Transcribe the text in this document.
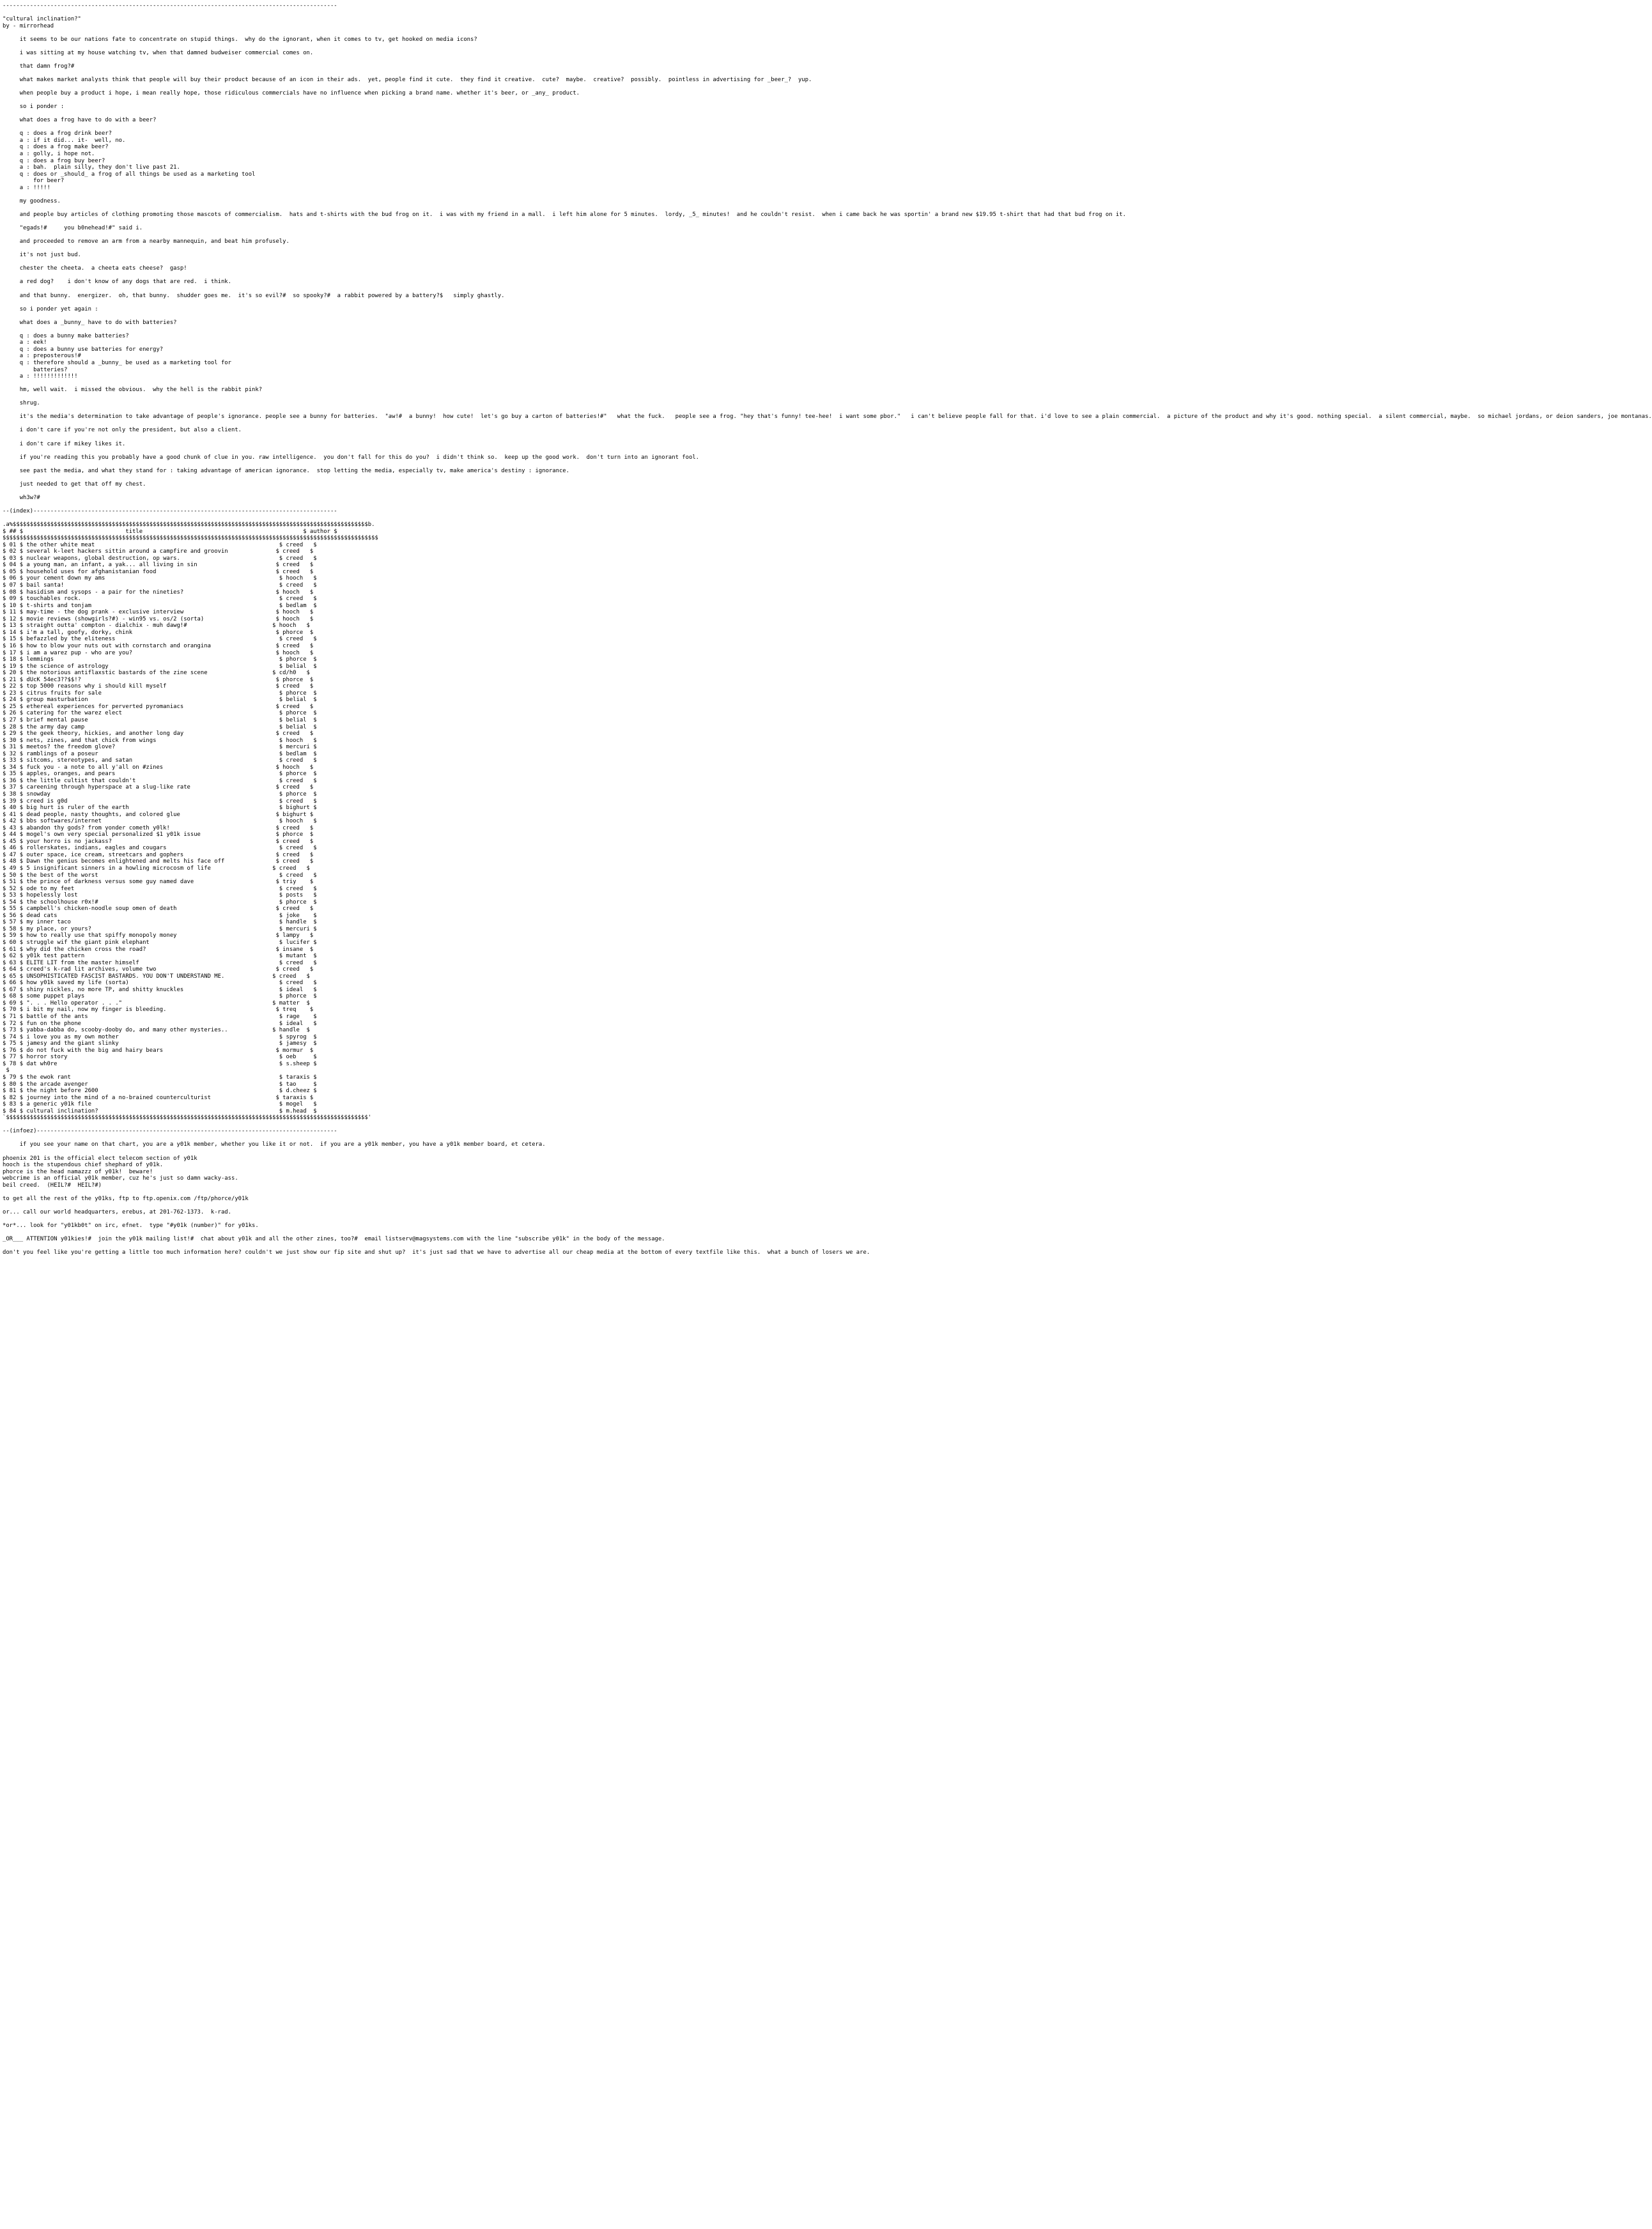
--------------------------------------------------------------------------------------------------

"cultural inclination?"
by - mirrorhead

it seems to be our nations fate to concentrate on stupid things.  why do the ignorant, when it comes to tv, get hooked on media icons?

i was sitting at my house watching tv, when that damned budweiser commercial comes on.

that damn frog?#

what makes market analysts think that people will buy their product because of an icon in their ads.  yet, people find it cute.  they find it creative.  cute?  maybe.  creative?  possibly.  pointless in advertising for _beer_?  yup.

when people buy a product i hope, i mean really hope, those ridiculous commercials have no influence when picking a brand name. whether it's beer, or _any_ product.

so i ponder :

what does a frog have to do with a beer?

q : does a frog drink beer?
a : if it did... it-  well, no.
q : does a frog make beer?
a : golly, i hope not.
q : does a frog buy beer?
a : bah.  plain silly, they don't live past 21.
q : does or _should_ a frog of all things be used as a marketing tool
for beer?
a : !!!!!

my goodness.

and people buy articles of clothing promoting those mascots of commercialism.  hats and t-shirts with the bud frog on it.  i was with my friend in a mall.  i left him alone for 5 minutes.  lordy, _5_ minutes!  and he couldn't resist.  when i came back he was sportin' a brand new $19.95 t-shirt that had that bud frog on it.

"egads!#     you b0nehead!#" said i.

and proceeded to remove an arm from a nearby mannequin, and beat him profusely.

it's not just bud.

chester the cheeta.  a cheeta eats cheese?  gasp!

a red dog?    i don't know of any dogs that are red.  i think.

and that bunny.  energizer.  oh, that bunny.  shudder goes me.  it's so evil?#  so spooky?#  a rabbit powered by a battery?$   simply ghastly.

so i ponder yet again :

what does a _bunny_ have to do with batteries?

q : does a bunny make batteries?
a : eek!
q : does a bunny use batteries for energy?
a : preposterous!#
q : therefore should a _bunny_ be used as a marketing tool for
batteries?
a : !!!!!!!!!!!!!

hm, well wait.  i missed the obvious.  why the hell is the rabbit pink?

shrug.

it's the media's determination to take advantage of people's ignorance. people see a bunny for batteries.  "aw!#  a bunny!  how cute!  let's go buy a carton of batteries!#"   what the fuck.   people see a frog. "hey that's funny! tee-hee!  i want some pbor."   i can't believe people fall for that. i'd love to see a plain commercial.  a picture of the product and why it's good. nothing special.  a silent commercial, maybe.  so michael jordans, or deion sanders, joe montanas.

i don't care if you're not only the president, but also a client.

i don't care if mikey likes it.

if you're reading this you probably have a good chunk of clue in you. raw intelligence.  you don't fall for this do you?  i didn't think so.  keep up the good work.  don't turn into an ignorant fool.

see past the media, and what they stand for : taking advantage of american ignorance.  stop letting the media, especially tv, make america's destiny : ignorance.

just needed to get that off my chest.

wh3w?#

--(index)-----------------------------------------------------------------------------------------

.a%$$$$$$$$$$$$$$$$$$$$$$$$$$$$$$$$$$$$$$$$$$$$$$$$$$$$$$$$$$$$$$$$$$$$$$$$$$$$$$$$$$$$$$$$$$$$$$$$$$$$$$$$b.
$ ## $                              title                                               $ author $
$$$$$$$$$$$$$$$$$$$$$$$$$$$$$$$$$$$$$$$$$$$$$$$$$$$$$$$$$$$$$$$$$$$$$$$$$$$$$$$$$$$$$$$$$$$$$$$$$$$$$$$$$$$$$$
$ 01 $ the other white meat                                                      $ creed   $
$ 02 $ several k-leet hackers sittin around a campfire and groovin              $ creed   $
$ 03 $ nuclear weapons, global destruction, op wars.                             $ creed   $
$ 04 $ a young man, an infant, a yak... all living in sin                       $ creed   $
$ 05 $ household uses for afghanistanian food                                   $ creed   $
$ 06 $ your cement down my ams                                                   $ hooch   $
$ 07 $ bail santa!                                                               $ creed   $
$ 08 $ hasidism and sysops - a pair for the nineties?                           $ hooch   $
$ 09 $ touchables rock.                                                          $ creed   $
$ 10 $ t-shirts and tonjam                                                       $ bedlam  $
$ 11 $ may-time - the dog prank - exclusive interview                           $ hooch   $
$ 12 $ movie reviews (showgirls?#) - win95 vs. os/2 (sorta)                     $ hooch   $
$ 13 $ straight outta' compton - dialchix - muh dawg!#                         $ hooch   $
$ 14 $ i'm a tall, goofy, dorky, chink                                          $ phorce  $
$ 15 $ befazzled by the eliteness                                                $ creed   $
$ 16 $ how to blow your nuts out with cornstarch and orangina                   $ creed   $
$ 17 $ i am a warez pup - who are you?                                          $ hooch   $
$ 18 $ lemmings                                                                  $ phorce  $
$ 19 $ the science of astrology                                                  $ belial  $
$ 20 $ the notorious antiflaxstic bastards of the zine scene                   $ cd/h0   $
$ 21 $ dUcK 54ec3??$$!?                                                         $ phorce  $
$ 22 $ top 5000 reasons why i should kill myself                                $ creed   $
$ 23 $ citrus fruits for sale                                                    $ phorce  $
$ 24 $ group masturbation                                                        $ belial  $
$ 25 $ ethereal experiences for perverted pyromaniacs                           $ creed   $
$ 26 $ catering for the warez elect                                              $ phorce  $
$ 27 $ brief mental pause                                                        $ belial  $
$ 28 $ the army day camp                                                         $ belial  $
$ 29 $ the geek theory, hickies, and another long day                           $ creed   $
$ 30 $ nets, zines, and that chick from wings                                    $ hooch   $
$ 31 $ meetos? the freedom glove?                                                $ mercuri $
$ 32 $ ramblings of a poseur                                                     $ bedlam  $
$ 33 $ sitcoms, stereotypes, and satan                                           $ creed   $
$ 34 $ fuck you - a note to all y'all on #zines                                 $ hooch   $
$ 35 $ apples, oranges, and pears                                                $ phorce  $
$ 36 $ the little cultist that couldn't                                          $ creed   $
$ 37 $ careening through hyperspace at a slug-like rate                         $ creed   $
$ 38 $ snowday                                                                   $ phorce  $
$ 39 $ creed is g0d                                                              $ creed   $
$ 40 $ big hurt is ruler of the earth                                            $ bighurt $
$ 41 $ dead people, nasty thoughts, and colored glue                            $ bighurt $
$ 42 $ bbs softwares/internet                                                    $ hooch   $
$ 43 $ abandon thy gods? from yonder cometh y0lk!                               $ creed   $
$ 44 $ mogel's own very special personalized $1 y01k issue                      $ phorce  $
$ 45 $ your horro is no jackass?                                                $ creed   $
$ 46 $ rollerskates, indians, eagles and cougars                                 $ creed   $
$ 47 $ outer space, ice cream, streetcars and gophers                           $ creed   $
$ 48 $ Dawn the genius becomes enlightened and melts his face off               $ creed   $
$ 49 $ 5 insignificant sinners in a howling microcosm of life                  $ creed   $
$ 50 $ the best of the worst                                                     $ creed   $
$ 51 $ the prince of darkness versus some guy named dave                        $ triy    $
$ 52 $ ode to my feet                                                            $ creed   $
$ 53 $ hopelessly lost                                                           $ posts   $
$ 54 $ the schoolhouse r0x!#                                                     $ phorce  $
$ 55 $ campbell's chicken-noodle soup omen of death                             $ creed   $
$ 56 $ dead cats                                                                 $ joke    $
$ 57 $ my inner taco                                                             $ handle  $
$ 58 $ my place, or yours?                                                       $ mercuri $
$ 59 $ how to really use that spiffy monopoly money                             $ lampy   $
$ 60 $ struggle wif the giant pink elephant                                      $ lucifer $
$ 61 $ why did the chicken cross the road?                                      $ insane  $
$ 62 $ y01k test pattern                                                         $ mutant  $
$ 63 $ ELITE LIT from the master himself                                         $ creed   $
$ 64 $ creed's k-rad lit archives, volume two                                   $ creed   $
$ 65 $ UNSOPHISTICATED FASCIST BASTARDS. YOU DON'T UNDERSTAND ME.              $ creed   $
$ 66 $ how y01k saved my life (sorta)                                            $ creed   $
$ 67 $ shiny nickles, no more TP, and shitty knuckles                            $ ideal   $
$ 68 $ some puppet plays                                                         $ phorce  $
$ 69 $ ". . . Hello operator . . ."                                            $ matter  $
$ 70 $ i bit my nail, now my finger is bleeding.                                $ treq    $
$ 71 $ battle of the ants                                                        $ rage    $
$ 72 $ fun on the phone                                                          $ ideal   $
$ 73 $ yabba-dabba do, scooby-dooby do, and many other mysteries..             $ handle  $
$ 74 $ i love you as my own mother                                               $ spyrog  $
$ 75 $ jamesy and the giant slinky                                               $ jamesy  $
$ 76 $ do not fuck with the big and hairy bears                                 $ mormur  $
$ 77 $ horror story                                                              $ oeb     $
$ 78 $ dat wh0re                                                                 $ s.sheep $
$
$ 79 $ the ewok rant                                                             $ taraxis $
$ 80 $ the arcade avenger                                                        $ tao     $
$ 81 $ the night before 2600                                                     $ d.cheez $
$ 82 $ journey into the mind of a no-brained counterculturist                   $ taraxis $
$ 83 $ a generic y01k file                                                       $ mogel   $
$ 84 $ cultural inclination?                                                     $ m.head  $
`$$$$$$$$$$$$$$$$$$$$$$$$$$$$$$$$$$$$$$$$$$$$$$$$$$$$$$$$$$$$$$$$$$$$$$$$$$$$$$$$$$$$$$$$$$$$$$$$$$$$$$$$$$'

--(infoez)----------------------------------------------------------------------------------------

if you see your name on that chart, you are a y01k member, whether you like it or not.  if you are a y01k member, you have a y01k member board, et cetera.

phoenix 201 is the official elect telecom section of y01k
hooch is the stupendous chief shephard of y01k.
phorce is the head namazzz of y01k!  beware!
webcrime is an official y01k member, cuz he's just so damn wacky-ass.
beil creed.  (HEIL?#  HEIL?#)

to get all the rest of the y01ks, ftp to ftp.openix.com /ftp/phorce/y01k

or... call our world headquarters, erebus, at 201-762-1373.  k-rad.

*or*... look for "y01kb0t" on irc, efnet.  type "#y01k (number)" for y01ks.

_OR___ ATTENTION y01kies!#  join the y01k mailing list!#  chat about y01k and all the other zines, too?#  email listserv@magsystems.com with the line "subscribe y01k" in the body of the message.

don't you feel like you're getting a little too much information here? couldn't we just show our fip site and shut up?  it's just sad that we have to advertise all our cheap media at the bottom of every textfile like this.  what a bunch of losers we are.
